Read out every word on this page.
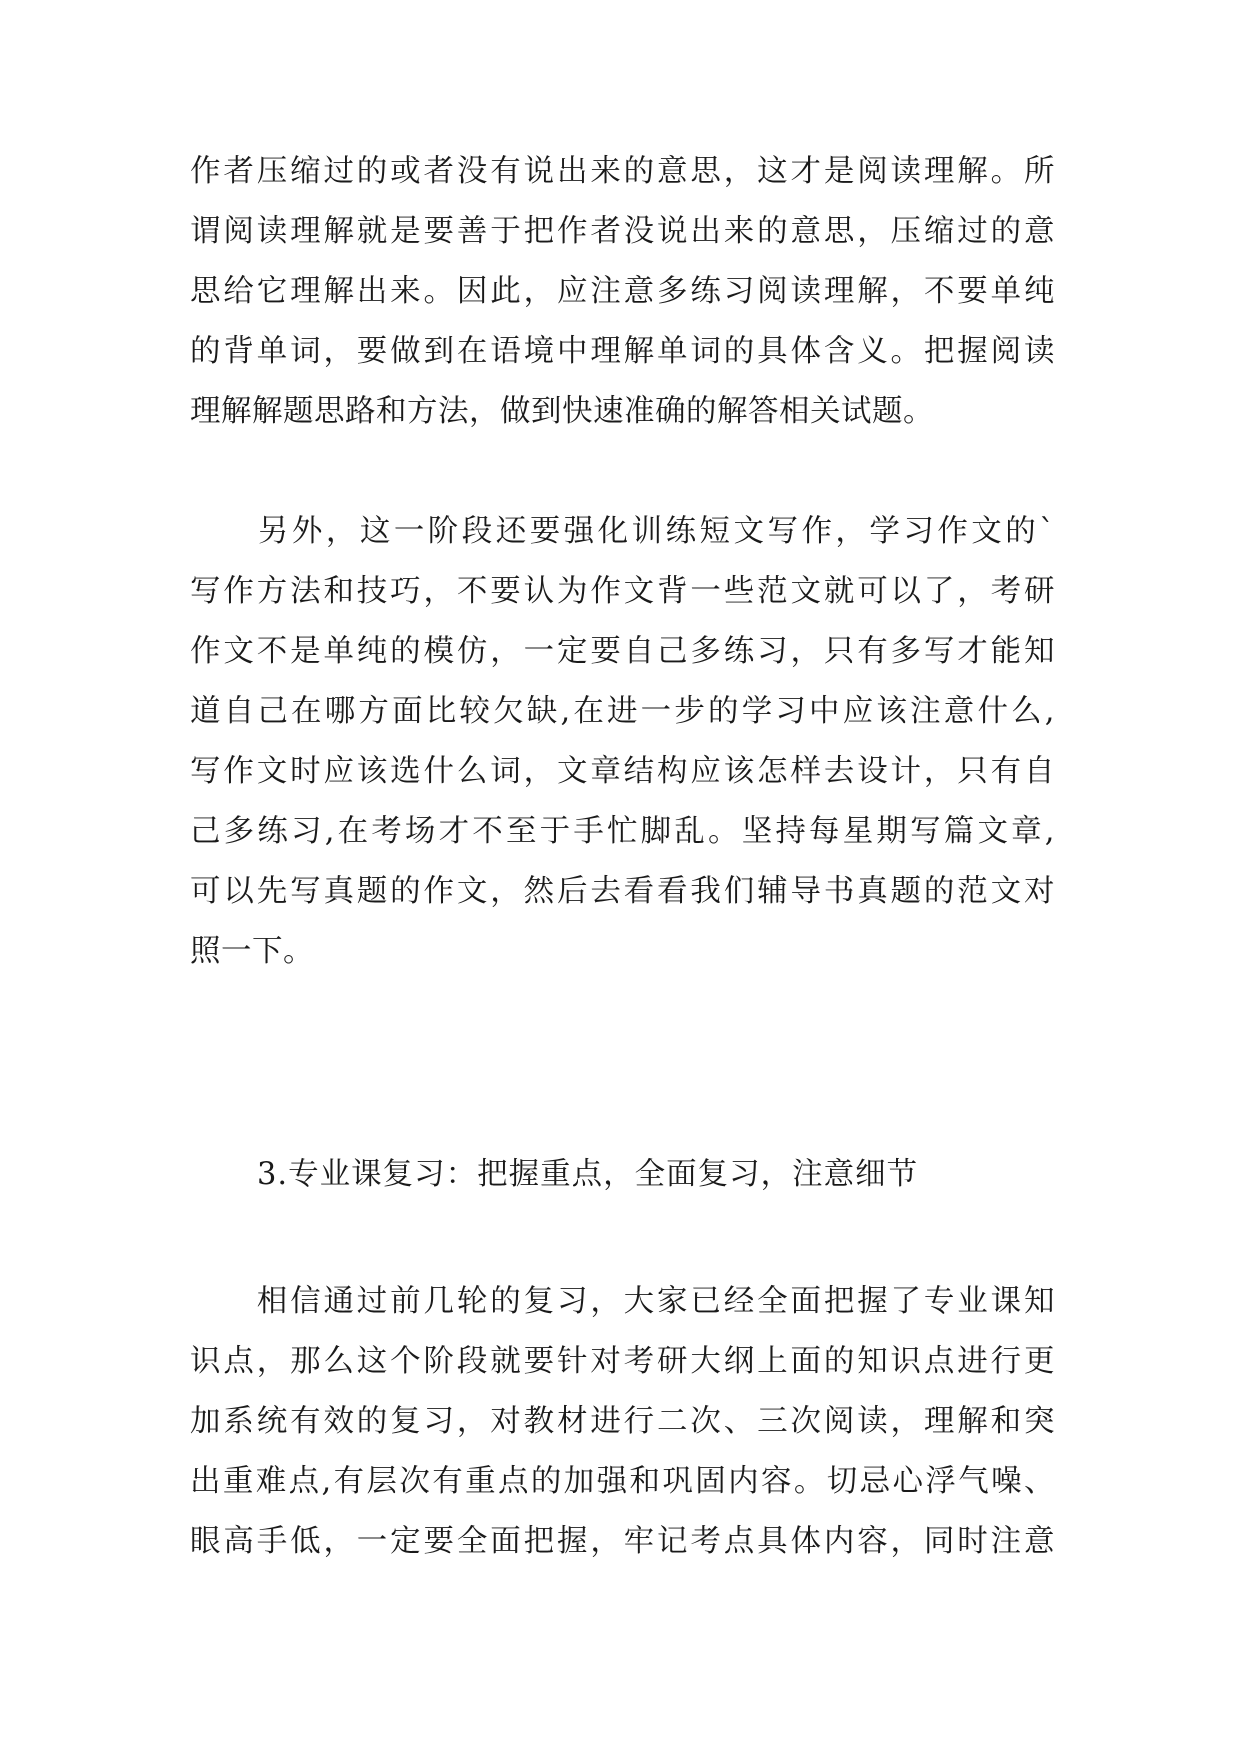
作者压缩过的或者没有说出来的意思，这才是阅读理解。所
谓阅读理解就是要善于把作者没说出来的意思，压缩过的意
思给它理解出来。因此，应注意多练习阅读理解，不要单纯
的背单词，要做到在语境中理解单词的具体含义。把握阅读
理解解题思路和方法，做到快速准确的解答相关试题。
　　另外，这一阶段还要强化训练短文写作，学习作文的`
写作方法和技巧，不要认为作文背一些范文就可以了，考研
作文不是单纯的模仿，一定要自己多练习，只有多写才能知
道自己在哪方面比较欠缺,在进一步的学习中应该注意什么,
写作文时应该选什么词，文章结构应该怎样去设计，只有自
己多练习,在考场才不至于手忙脚乱。坚持每星期写篇文章,
可以先写真题的作文，然后去看看我们辅导书真题的范文对
照一下。
3.专业课复习：把握重点，全面复习，注意细节
　　相信通过前几轮的复习，大家已经全面把握了专业课知
识点，那么这个阶段就要针对考研大纲上面的知识点进行更
加系统有效的复习，对教材进行二次、三次阅读，理解和突
出重难点,有层次有重点的加强和巩固内容。切忌心浮气噪、
眼高手低，一定要全面把握，牢记考点具体内容，同时注意
